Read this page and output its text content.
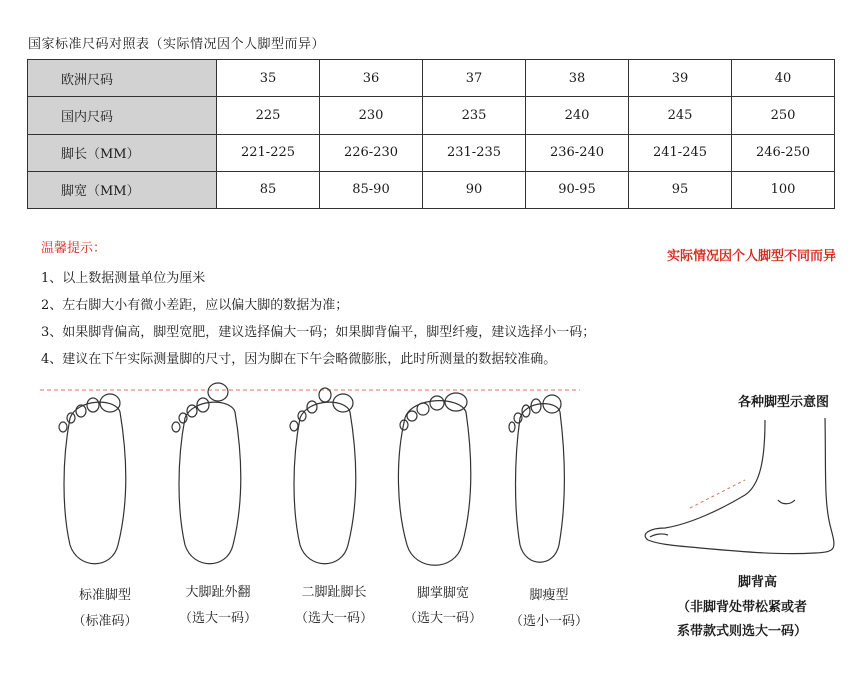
国家标准尺码对照表（实际情况因个人脚型而异）
欧洲尺码	35	36	37	38	39	40
国内尺码	225	230	235	240	245	250
脚长（MM）	221-225	226-230	231-235	236-240	241-245	246-250
脚宽（MM）	85	85-90	90	90-95	95	100
温馨提示：
实际情况因个人脚型不同而异
1、以上数据测量单位为厘米
2、左右脚大小有微小差距，应以偏大脚的数据为准；
3、如果脚背偏高，脚型宽肥，建议选择偏大一码；如果脚背偏平，脚型纤瘦，建议选择小一码；
4、建议在下午实际测量脚的尺寸，因为脚在下午会略微膨胀，此时所测量的数据较准确。
标准脚型
（标准码）
大脚趾外翻
（选大一码）
二脚趾脚长
（选大一码）
脚掌脚宽
（选大一码）
脚瘦型
（选小一码）
各种脚型示意图
脚背高
（非脚背处带松紧或者
系带款式则选大一码）
